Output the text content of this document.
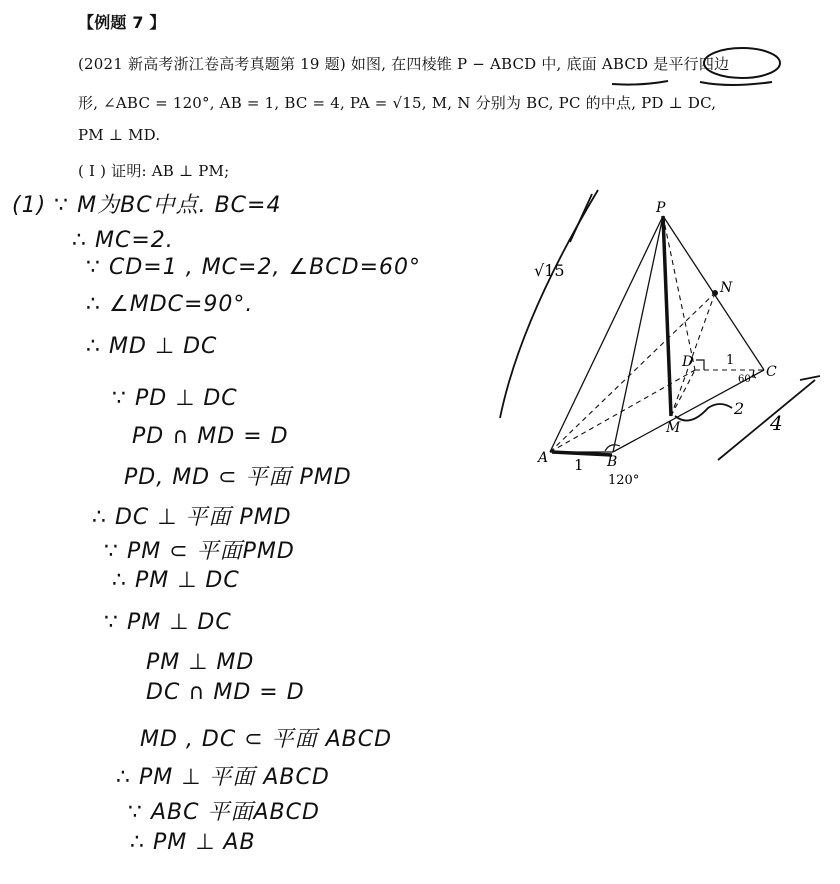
【例题 7 】
(2021 新高考浙江卷高考真题第 19 题) 如图, 在四棱锥 P − ABCD 中, 底面 ABCD 是平行四边
形, ∠ABC = 120°, AB = 1, BC = 4, PA = √15, M, N 分别为 BC, PC 的中点, PD ⊥ DC,
PM ⊥ MD.
( Ⅰ ) 证明: AB ⊥ PM;
(1) ∵ M为BC中点. BC=4
∴ MC=2.
∵ CD=1 , MC=2, ∠BCD=60°
∴ ∠MDC=90°.
∴ MD ⊥ DC
∵ PD ⊥ DC
PD ∩ MD = D
PD, MD ⊂ 平面 PMD
∴ DC ⊥ 平面 PMD
∵ PM ⊂ 平面PMD
∴ PM ⊥ DC
∵ PM ⊥ DC
PM ⊥ MD
DC ∩ MD = D
MD , DC ⊂ 平面 ABCD
∴ PM ⊥ 平面 ABCD
∵ ABC 平面ABCD
∴ PM ⊥ AB
P
A	B
C
D
M
N
√15
1
1
2
4
120°
60°
